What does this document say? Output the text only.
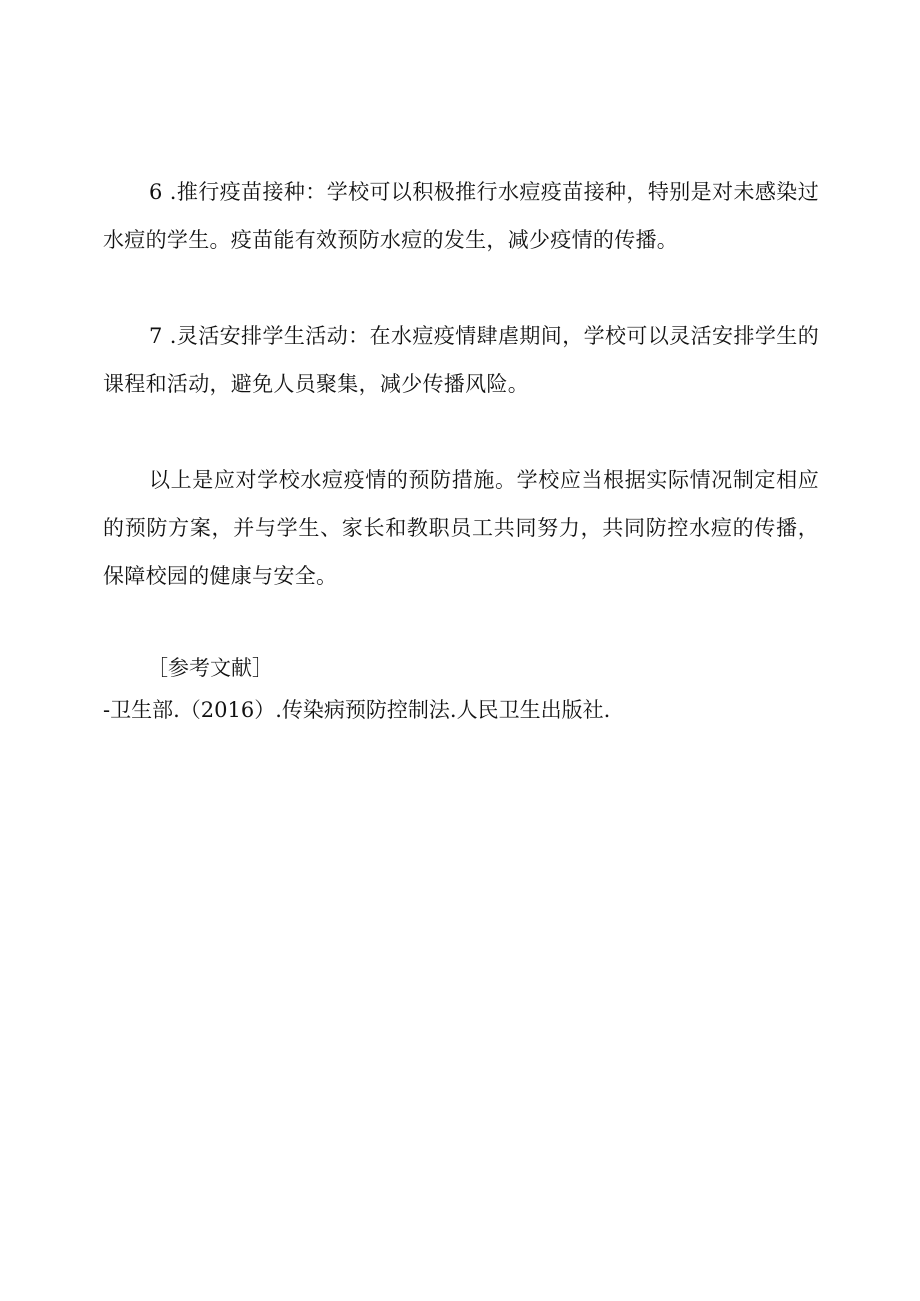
6 .推行疫苗接种：学校可以积极推行水痘疫苗接种，特别是对未感染过水痘的学生。疫苗能有效预防水痘的发生，减少疫情的传播。

7 .灵活安排学生活动：在水痘疫情肆虐期间，学校可以灵活安排学生的课程和活动，避免人员聚集，减少传播风险。

以上是应对学校水痘疫情的预防措施。学校应当根据实际情况制定相应的预防方案，并与学生、家长和教职员工共同努力，共同防控水痘的传播，保障校园的健康与安全。

［参考文献］

-卫生部.（2016）.传染病预防控制法.人民卫生出版社.
